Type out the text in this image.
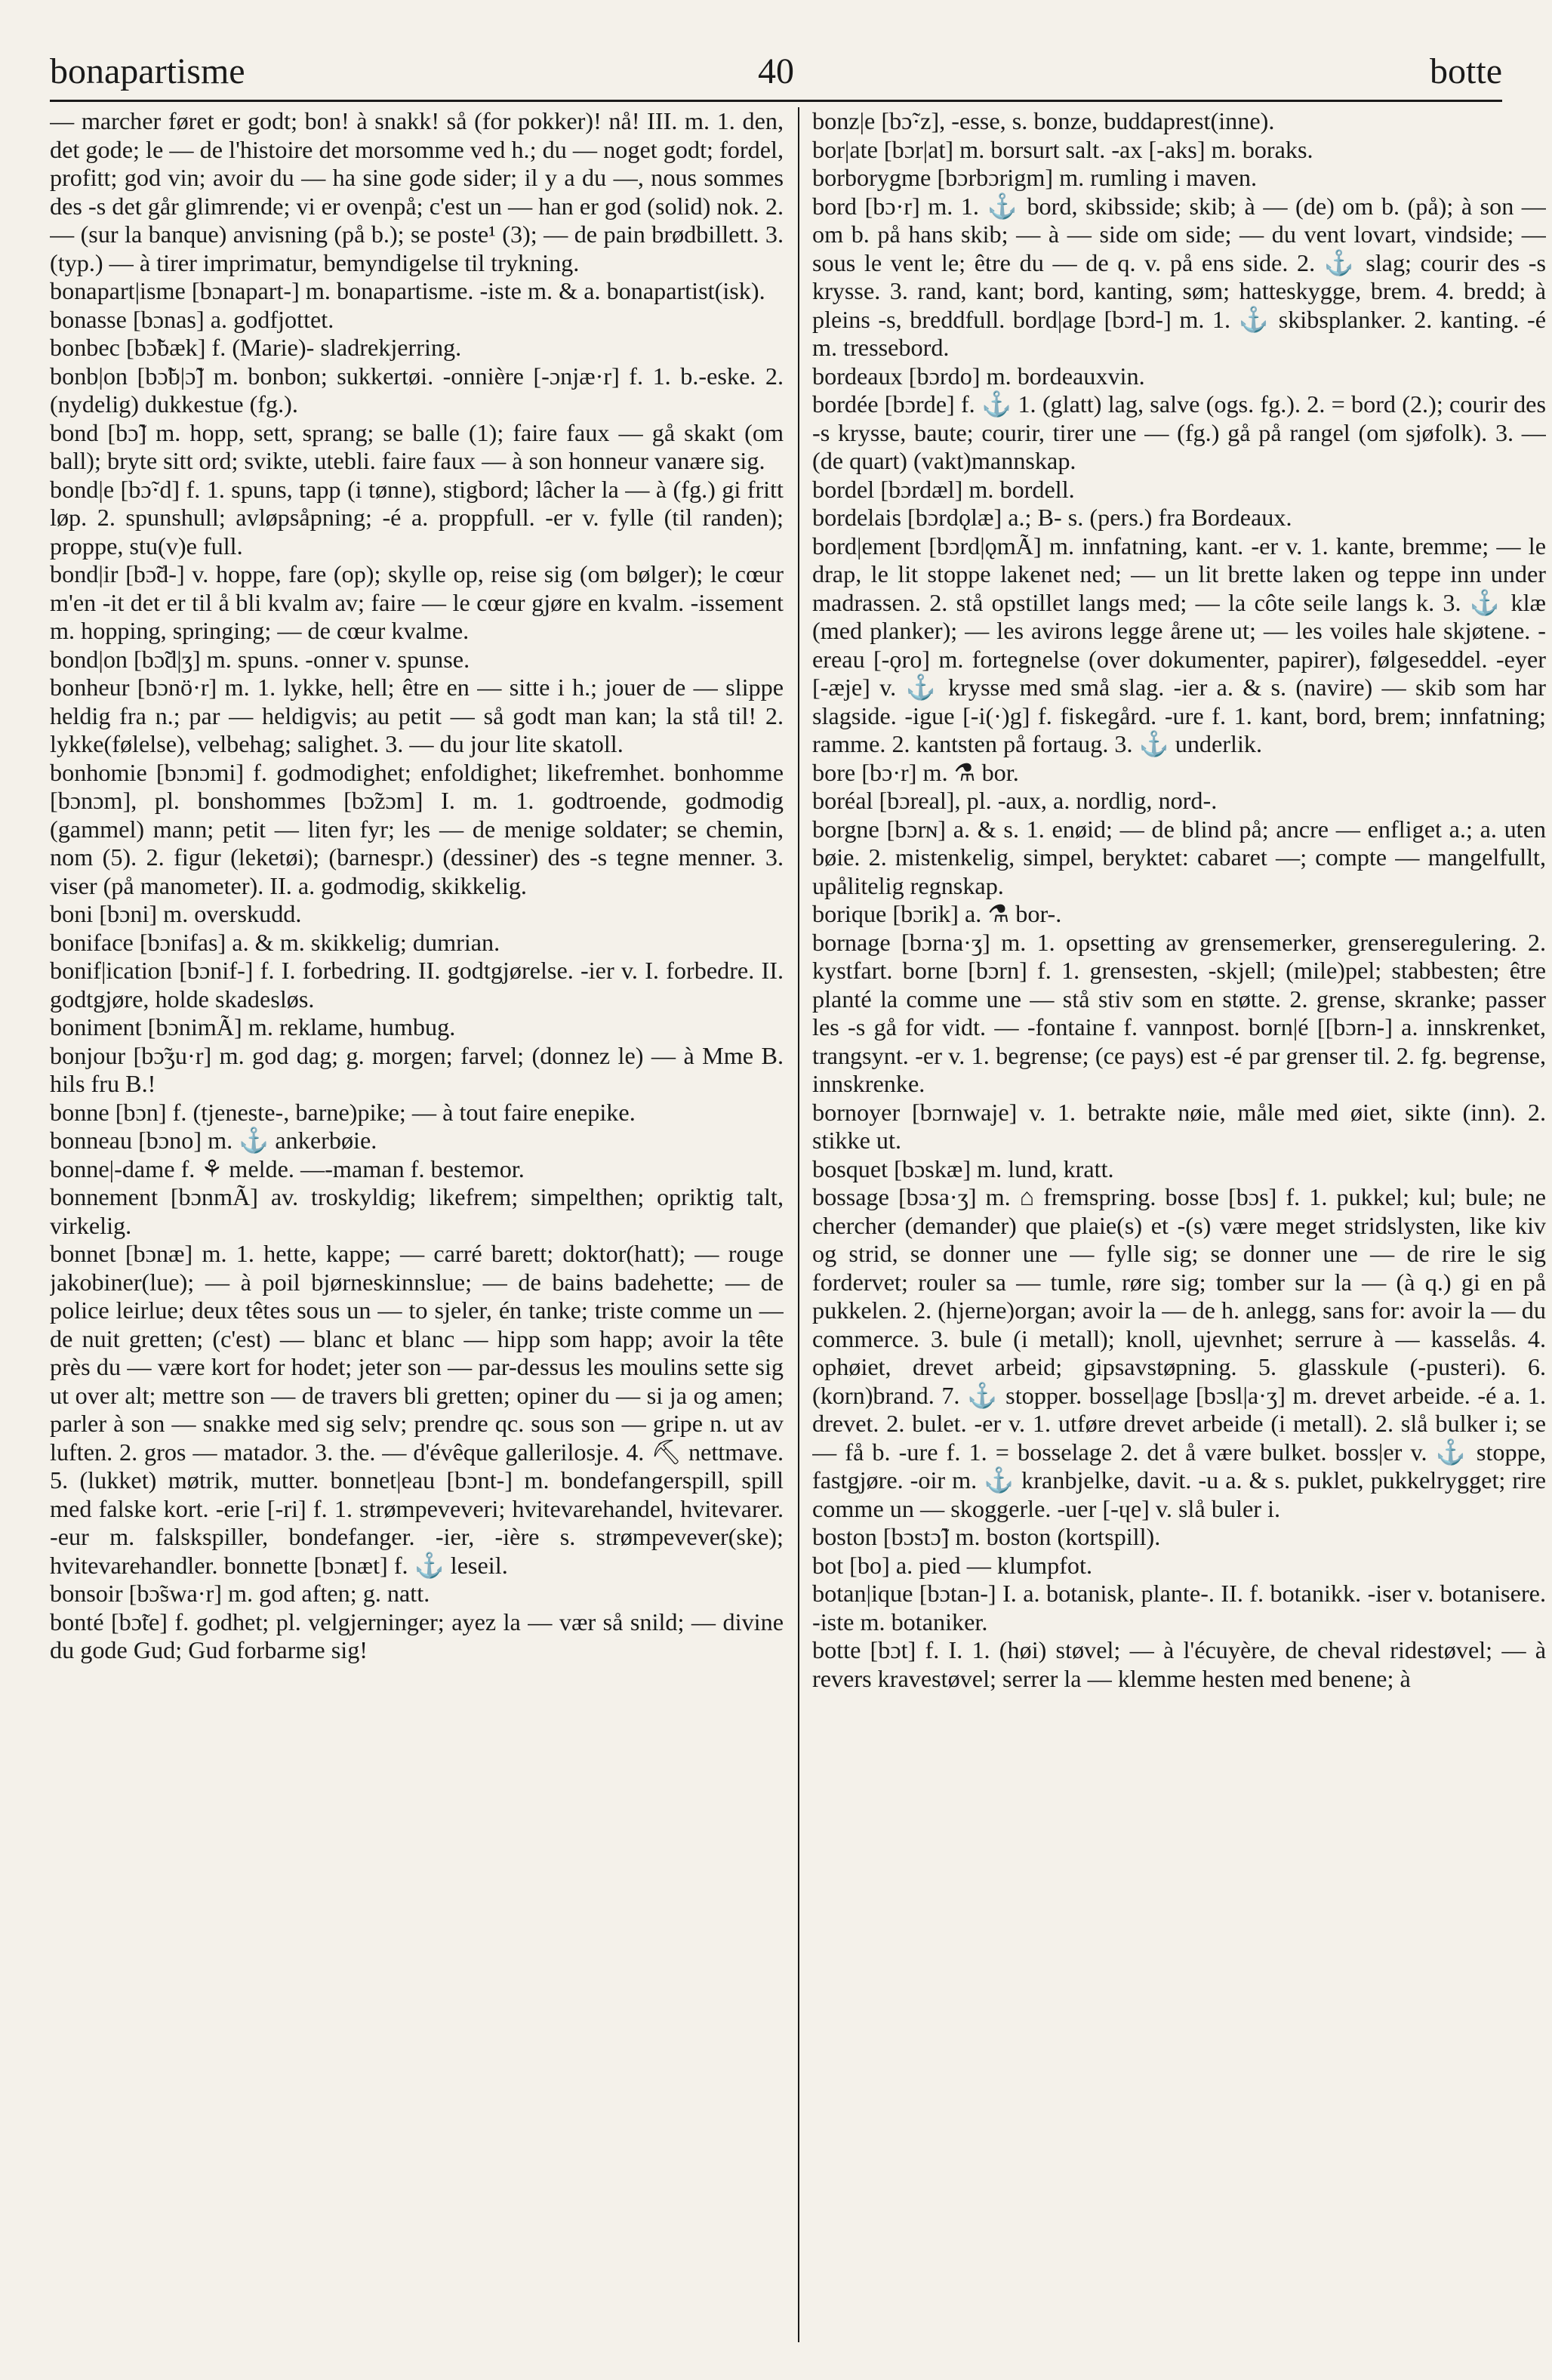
bonapartisme	40	botte

— marcher føret er godt; bon! à snakk! så (for pokker)! nå! III. m. 1. den, det gode; le — de l'histoire det morsomme ved h.; du — noget godt; fordel, profitt; god vin; avoir du — ha sine gode sider; il y a du —, nous sommes des -s det går glimrende; vi er ovenpå; c'est un — han er god (solid) nok. 2. — (sur la banque) anvisning (på b.); se poste¹ (3); — de pain brødbillett. 3. (typ.) — à tirer imprimatur, bemyndigelse til trykning.

bonapart|isme [bɔnapart-] m. bonapartisme. -iste m. & a. bonapartist(isk).

bonasse [bɔnas] a. godfjottet.

bonbec [bɔ̃bæk] f. (Marie)- sladrekjerring.

bonb|on [bɔ̃b|ɔ̃] m. bonbon; sukkertøi. -onnière [-ɔnjæ·r] f. 1. b.-eske. 2. (nydelig) dukkestue (fg.).

bond [bɔ̃] m. hopp, sett, sprang; se balle (1); faire faux — gå skakt (om ball); bryte sitt ord; svikte, utebli. faire faux — à son honneur vanære sig.

bond|e [bɔ̃·d] f. 1. spuns, tapp (i tønne), stigbord; lâcher la — à (fg.) gi fritt løp. 2. spunshull; avløpsåpning; -é a. proppfull. -er v. fylle (til randen); proppe, stu(v)e full.

bond|ir [bɔ̃d-] v. hoppe, fare (op); skylle op, reise sig (om bølger); le cœur m'en -it det er til å bli kvalm av; faire — le cœur gjøre en kvalm. -issement m. hopping, springing; — de cœur kvalme.

bond|on [bɔ̃d|ʒ] m. spuns. -onner v. spunse.

bonheur [bɔnö·r] m. 1. lykke, hell; être en — sitte i h.; jouer de — slippe heldig fra n.; par — heldigvis; au petit — så godt man kan; la stå til! 2. lykke(følelse), velbehag; salighet. 3. — du jour lite skatoll.

bonhomie [bɔnɔmi] f. godmodighet; enfoldighet; likefremhet. bonhomme [bɔnɔm], pl. bonshommes [bɔ̃zɔm] I. m. 1. godtroende, godmodig (gammel) mann; petit — liten fyr; les — de menige soldater; se chemin, nom (5). 2. figur (leketøi); (barnespr.) (dessiner) des -s tegne menner. 3. viser (på manometer). II. a. godmodig, skikkelig.

boni [bɔni] m. overskudd.

boniface [bɔnifas] a. & m. skikkelig; dumrian.

bonif|ication [bɔnif-] f. I. forbedring. II. godtgjørelse. -ier v. I. forbedre. II. godtgjøre, holde skadesløs.

boniment [bɔnimÃ] m. reklame, humbug.

bonjour [bɔ̃ʒu·r] m. god dag; g. morgen; farvel; (donnez le) — à Mme B. hils fru B.!

bonne [bɔn] f. (tjeneste-, barne)pike; — à tout faire enepike.

bonneau [bɔno] m. ⚓ ankerbøie.

bonne|-dame f. ⚘ melde. —-maman f. bestemor.

bonnement [bɔnmÃ] av. troskyldig; likefrem; simpelthen; opriktig talt, virkelig.

bonnet [bɔnæ] m. 1. hette, kappe; — carré barett; doktor(hatt); — rouge jakobiner(lue); — à poil bjørneskinnslue; — de bains badehette; — de police leirlue; deux têtes sous un — to sjeler, én tanke; triste comme un — de nuit gretten; (c'est) — blanc et blanc — hipp som happ; avoir la tête près du — være kort for hodet; jeter son — par-dessus les moulins sette sig ut over alt; mettre son — de travers bli gretten; opiner du — si ja og amen; parler à son — snakke med sig selv; prendre qc. sous son — gripe n. ut av luften. 2. gros — matador. 3. the. — d'évêque gallerilosje. 4. ⛏ nettmave. 5. (lukket) møtrik, mutter. bonnet|eau [bɔnt-] m. bondefangerspill, spill med falske kort. -erie [-ri] f. 1. strømpeveveri; hvitevarehandel, hvitevarer. -eur m. falskspiller, bondefanger. -ier, -ière s. strømpevever(ske); hvitevarehandler. bonnette [bɔnæt] f. ⚓ leseil.

bonsoir [bɔ̃swa·r] m. god aften; g. natt.

bonté [bɔ̃te] f. godhet; pl. velgjerninger; ayez la — vær så snild; — divine du gode Gud; Gud forbarme sig!

bonz|e [bɔ̃·z], -esse, s. bonze, buddaprest(inne).

bor|ate [bɔr|at] m. borsurt salt. -ax [-aks] m. boraks.

borborygme [bɔrbɔrigm] m. rumling i maven.

bord [bɔ·r] m. 1. ⚓ bord, skibsside; skib; à — (de) om b. (på); à son — om b. på hans skib; — à — side om side; — du vent lovart, vindside; — sous le vent le; être du — de q. v. på ens side. 2. ⚓ slag; courir des -s krysse. 3. rand, kant; bord, kanting, søm; hatteskygge, brem. 4. bredd; à pleins -s, breddfull. bord|age [bɔrd-] m. 1. ⚓ skibsplanker. 2. kanting. -é m. tressebord.

bordeaux [bɔrdo] m. bordeauxvin.

bordée [bɔrde] f. ⚓ 1. (glatt) lag, salve (ogs. fg.). 2. = bord (2.); courir des -s krysse, baute; courir, tirer une — (fg.) gå på rangel (om sjøfolk). 3. — (de quart) (vakt)mannskap.

bordel [bɔrdæl] m. bordell.

bordelais [bɔrdǫlæ] a.; B- s. (pers.) fra Bordeaux.

bord|ement [bɔrd|ǫmÃ] m. innfatning, kant. -er v. 1. kante, bremme; — le drap, le lit stoppe lakenet ned; — un lit brette laken og teppe inn under madrassen. 2. stå opstillet langs med; — la côte seile langs k. 3. ⚓ klæ (med planker); — les avirons legge årene ut; — les voiles hale skjøtene. -ereau [-ǫro] m. fortegnelse (over dokumenter, papirer), følgeseddel. -eyer [-æje] v. ⚓ krysse med små slag. -ier a. & s. (navire) — skib som har slagside. -igue [-i(·)g] f. fiskegård. -ure f. 1. kant, bord, brem; innfatning; ramme. 2. kantsten på fortaug. 3. ⚓ underlik.

bore [bɔ·r] m. ⚗ bor.

boréal [bɔreal], pl. -aux, a. nordlig, nord-.

borgne [bɔrɴ] a. & s. 1. enøid; — de blind på; ancre — enfliget a.; a. uten bøie. 2. mistenkelig, simpel, beryktet: cabaret —; compte — mangelfullt, upålitelig regnskap.

borique [bɔrik] a. ⚗ bor-.

bornage [bɔrna·ʒ] m. 1. opsetting av grensemerker, grenseregulering. 2. kystfart. borne [bɔrn] f. 1. grensesten, -skjell; (mile)pel; stabbesten; être planté la comme une — stå stiv som en støtte. 2. grense, skranke; passer les -s gå for vidt. — -fontaine f. vannpost. born|é [[bɔrn-] a. innskrenket, trangsynt. -er v. 1. begrense; (ce pays) est -é par grenser til. 2. fg. begrense, innskrenke.

bornoyer [bɔrnwaje] v. 1. betrakte nøie, måle med øiet, sikte (inn). 2. stikke ut.

bosquet [bɔskæ] m. lund, kratt.

bossage [bɔsa·ʒ] m. ⌂ fremspring. bosse [bɔs] f. 1. pukkel; kul; bule; ne chercher (demander) que plaie(s) et -(s) være meget stridslysten, like kiv og strid, se donner une — fylle sig; se donner une — de rire le sig fordervet; rouler sa — tumle, røre sig; tomber sur la — (à q.) gi en på pukkelen. 2. (hjerne)organ; avoir la — de h. anlegg, sans for: avoir la — du commerce. 3. bule (i metall); knoll, ujevnhet; serrure à — kasselås. 4. ophøiet, drevet arbeid; gipsavstøpning. 5. glasskule (-pusteri). 6. (korn)brand. 7. ⚓ stopper. bossel|age [bɔsl|a·ʒ] m. drevet arbeide. -é a. 1. drevet. 2. bulet. -er v. 1. utføre drevet arbeide (i metall). 2. slå bulker i; se — få b. -ure f. 1. = bosselage 2. det å være bulket. boss|er v. ⚓ stoppe, fastgjøre. -oir m. ⚓ kranbjelke, davit. -u a. & s. puklet, pukkelrygget; rire comme un — skoggerle. -uer [-ɥe] v. slå buler i.

boston [bɔstɔ̃] m. boston (kortspill).

bot [bo] a. pied — klumpfot.

botan|ique [bɔtan-] I. a. botanisk, plante-. II. f. botanikk. -iser v. botanisere. -iste m. botaniker.

botte [bɔt] f. I. 1. (høi) støvel; — à l'écuyère, de cheval ridestøvel; — à revers kravestøvel; serrer la — klemme hesten med benene; à
